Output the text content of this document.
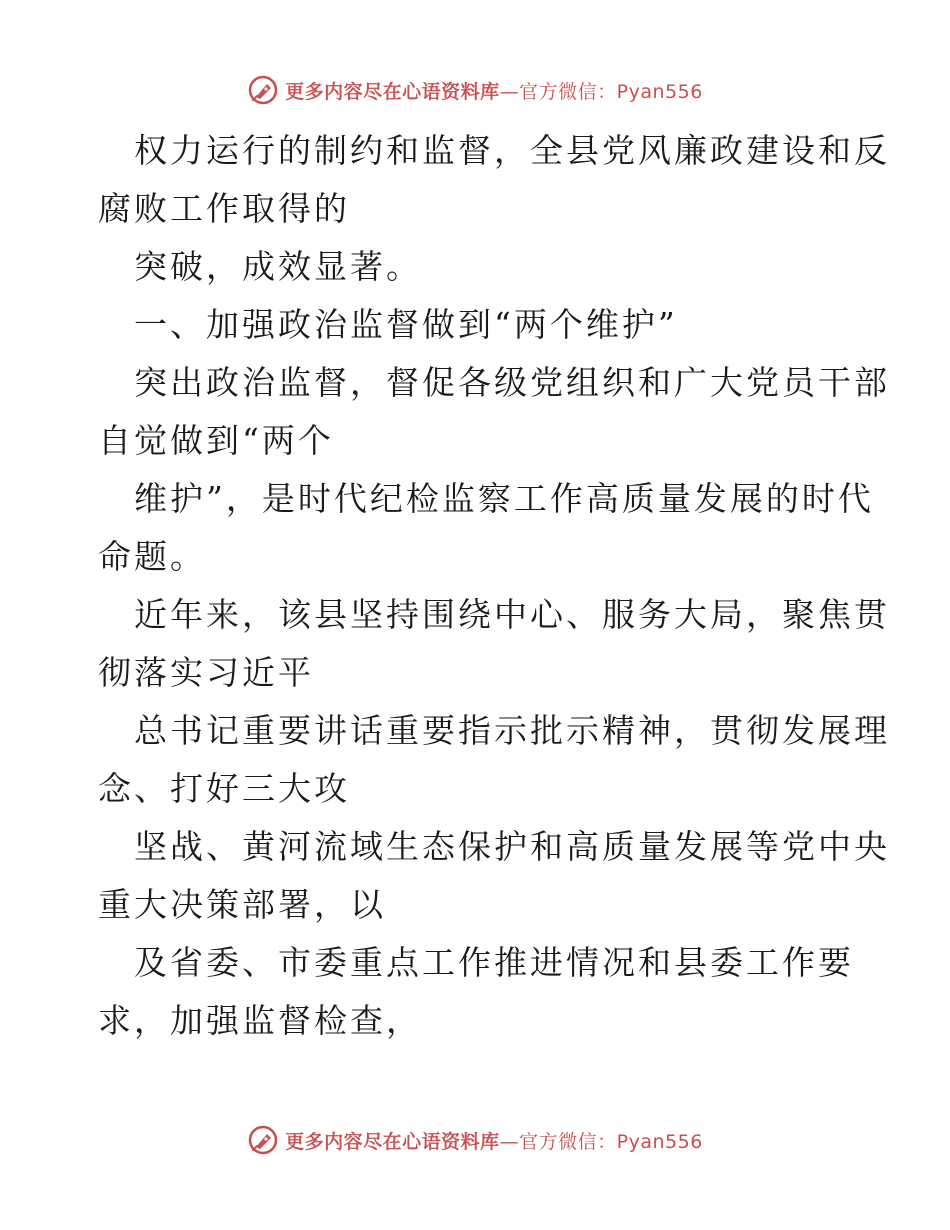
更多内容尽在心语资料库—官方微信：Pyan556

权力运行的制约和监督，全县党风廉政建设和反
腐败工作取得的

突破，成效显著。

一、加强政治监督做到“两个维护”

突出政治监督，督促各级党组织和广大党员干部
自觉做到“两个

维护”，是时代纪检监察工作高质量发展的时代
命题。

近年来，该县坚持围绕中心、服务大局，聚焦贯
彻落实习近平

总书记重要讲话重要指示批示精神，贯彻发展理
念、打好三大攻

坚战、黄河流域生态保护和高质量发展等党中央
重大决策部署，以

及省委、市委重点工作推进情况和县委工作要
求，加强监督检查，

更多内容尽在心语资料库—官方微信：Pyan556
